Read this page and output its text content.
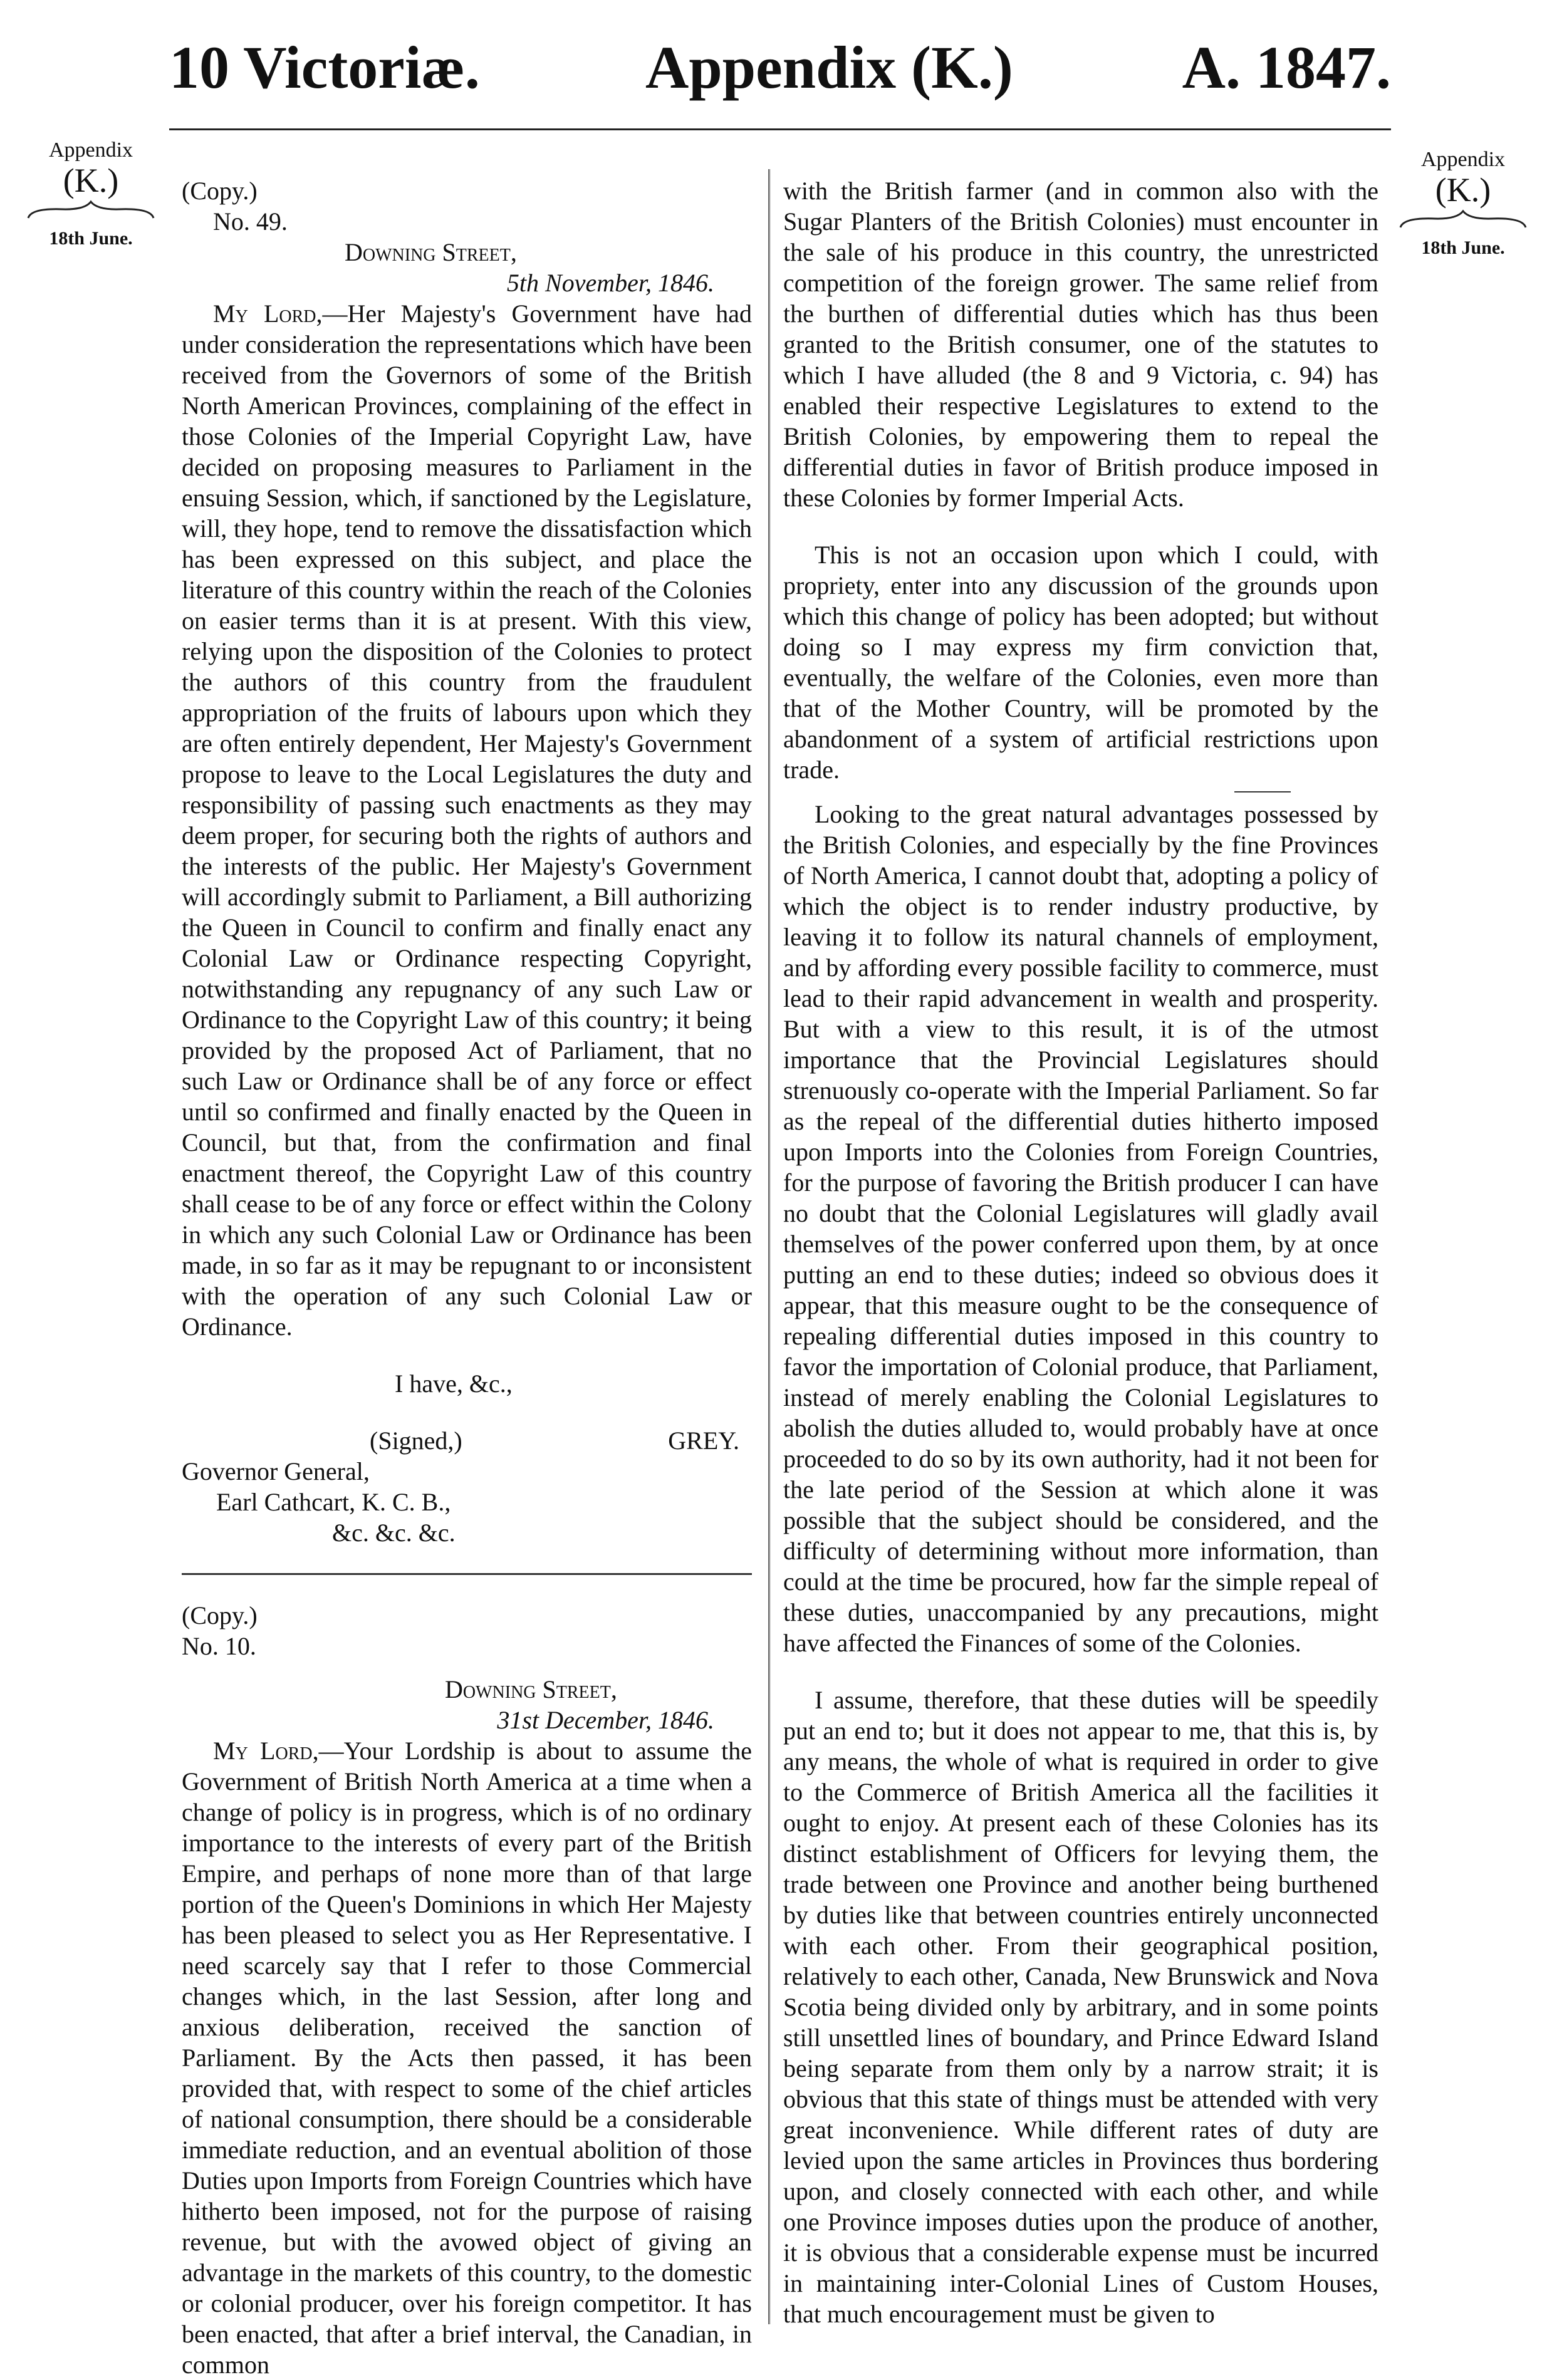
10 Victoriæ.	Appendix (K.)	A. 1847.
Appendix
(K.)
18th June.
Appendix
(K.)
18th June.

(Copy.)

No. 49.

Downing Street,

5th November, 1846.

My Lord,—Her Majesty's Government have had under consideration the representations which have been received from the Governors of some of the British North American Provinces, complaining of the effect in those Colonies of the Imperial Copyright Law, have decided on proposing measures to Parliament in the ensuing Session, which, if sanctioned by the Legislature, will, they hope, tend to remove the dissatisfaction which has been expressed on this subject, and place the literature of this country within the reach of the Colonies on easier terms than it is at present. With this view, relying upon the disposition of the Colonies to protect the authors of this country from the fraudulent appropriation of the fruits of labours upon which they are often entirely dependent, Her Majesty's Government propose to leave to the Local Legislatures the duty and responsibility of passing such enactments as they may deem proper, for securing both the rights of authors and the interests of the public. Her Majesty's Government will accordingly submit to Parliament, a Bill authorizing the Queen in Council to confirm and finally enact any Colonial Law or Ordinance respecting Copyright, notwithstanding any repugnancy of any such Law or Ordinance to the Copyright Law of this country; it being provided by the proposed Act of Parliament, that no such Law or Ordinance shall be of any force or effect until so confirmed and finally enacted by the Queen in Council, but that, from the confirmation and final enactment thereof, the Copyright Law of this country shall cease to be of any force or effect within the Colony in which any such Colonial Law or Ordinance has been made, in so far as it may be repugnant to or inconsistent with the operation of any such Colonial Law or Ordinance.

I have, &c.,

(Signed,)	GREY.

Governor General,

Earl Cathcart, K. C. B.,

&c. &c. &c.

(Copy.)

No. 10.

Downing Street,

31st December, 1846.

My Lord,—Your Lordship is about to assume the Government of British North America at a time when a change of policy is in progress, which is of no ordinary importance to the interests of every part of the British Empire, and perhaps of none more than of that large portion of the Queen's Dominions in which Her Majesty has been pleased to select you as Her Representative. I need scarcely say that I refer to those Commercial changes which, in the last Session, after long and anxious deliberation, received the sanction of Parliament. By the Acts then passed, it has been provided that, with respect to some of the chief articles of national consumption, there should be a considerable immediate reduction, and an eventual abolition of those Duties upon Imports from Foreign Countries which have hitherto been imposed, not for the purpose of raising revenue, but with the avowed object of giving an advantage in the markets of this country, to the domestic or colonial producer, over his foreign competitor. It has been enacted, that after a brief interval, the Canadian, in common

with the British farmer (and in common also with the Sugar Planters of the British Colonies) must encounter in the sale of his produce in this country, the unrestricted competition of the foreign grower. The same relief from the burthen of differential duties which has thus been granted to the British consumer, one of the statutes to which I have alluded (the 8 and 9 Victoria, c. 94) has enabled their respective Legislatures to extend to the British Colonies, by empowering them to repeal the differential duties in favor of British produce imposed in these Colonies by former Imperial Acts.

This is not an occasion upon which I could, with propriety, enter into any discussion of the grounds upon which this change of policy has been adopted; but without doing so I may express my firm conviction that, eventually, the welfare of the Colonies, even more than that of the Mother Country, will be promoted by the abandonment of a system of artificial restrictions upon trade.

Looking to the great natural advantages possessed by the British Colonies, and especially by the fine Provinces of North America, I cannot doubt that, adopting a policy of which the object is to render industry productive, by leaving it to follow its natural channels of employment, and by affording every possible facility to commerce, must lead to their rapid advancement in wealth and prosperity. But with a view to this result, it is of the utmost importance that the Provincial Legislatures should strenuously co-operate with the Imperial Parliament. So far as the repeal of the differential duties hitherto imposed upon Imports into the Colonies from Foreign Countries, for the purpose of favoring the British producer I can have no doubt that the Colonial Legislatures will gladly avail themselves of the power conferred upon them, by at once putting an end to these duties; indeed so obvious does it appear, that this measure ought to be the consequence of repealing differential duties imposed in this country to favor the importation of Colonial produce, that Parliament, instead of merely enabling the Colonial Legislatures to abolish the duties alluded to, would probably have at once proceeded to do so by its own authority, had it not been for the late period of the Session at which alone it was possible that the subject should be considered, and the difficulty of determining without more information, than could at the time be procured, how far the simple repeal of these duties, unaccompanied by any precautions, might have affected the Finances of some of the Colonies.

I assume, therefore, that these duties will be speedily put an end to; but it does not appear to me, that this is, by any means, the whole of what is required in order to give to the Commerce of British America all the facilities it ought to enjoy. At present each of these Colonies has its distinct establishment of Officers for levying them, the trade between one Province and another being burthened by duties like that between countries entirely unconnected with each other. From their geographical position, relatively to each other, Canada, New Brunswick and Nova Scotia being divided only by arbitrary, and in some points still unsettled lines of boundary, and Prince Edward Island being separate from them only by a narrow strait; it is obvious that this state of things must be attended with very great inconvenience. While different rates of duty are levied upon the same articles in Provinces thus bordering upon, and closely connected with each other, and while one Province imposes duties upon the produce of another, it is obvious that a considerable expense must be incurred in maintaining inter-Colonial Lines of Custom Houses, that much encouragement must be given to
